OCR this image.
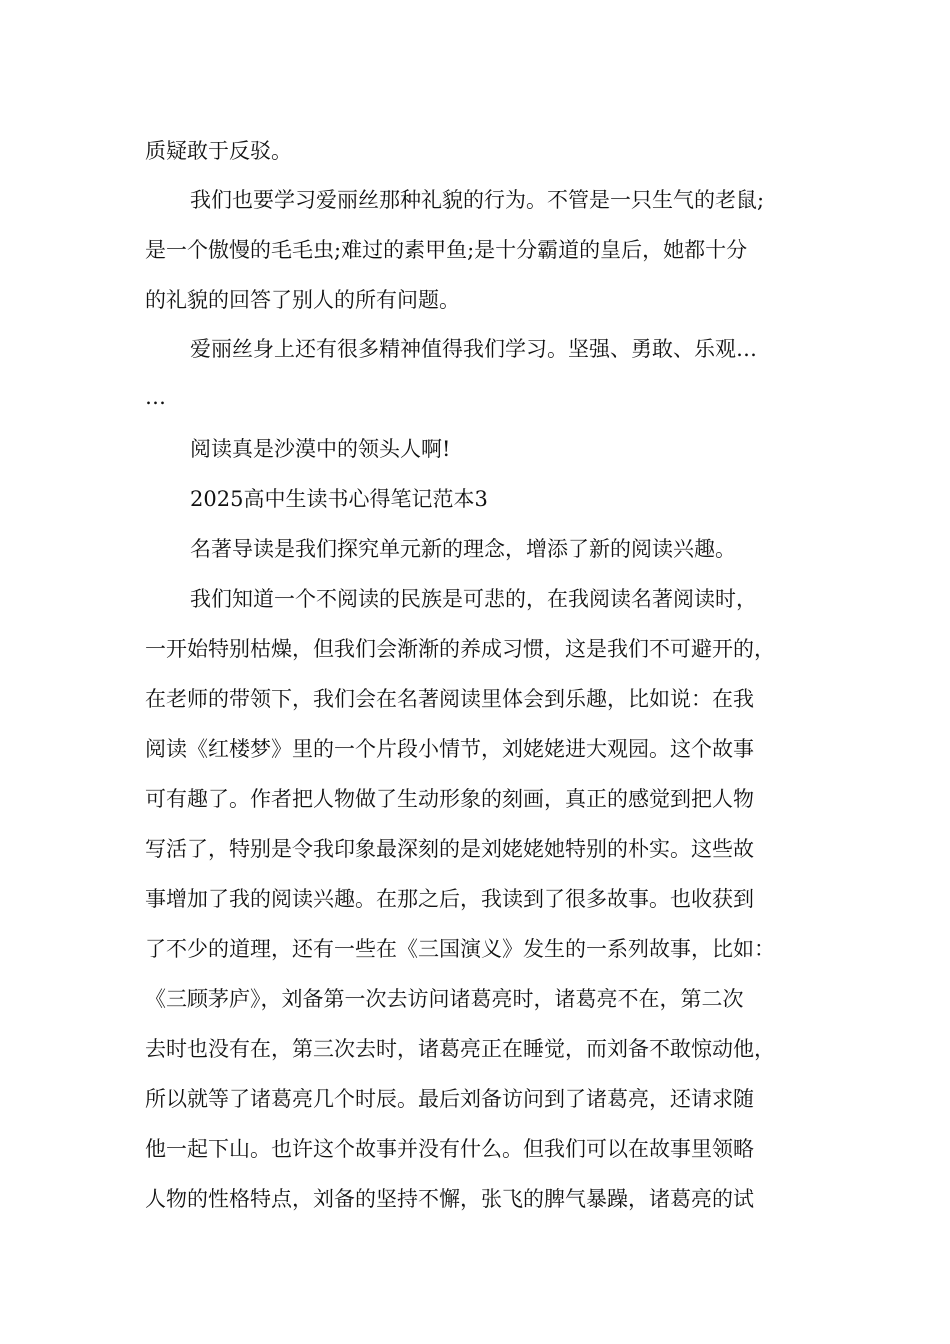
质疑敢于反驳。
我们也要学习爱丽丝那种礼貌的行为。不管是一只生气的老鼠;
是一个傲慢的毛毛虫;难过的素甲鱼;是十分霸道的皇后，她都十分
的礼貌的回答了别人的所有问题。
爱丽丝身上还有很多精神值得我们学习。坚强、勇敢、乐观…
…
阅读真是沙漠中的领头人啊!
2025高中生读书心得笔记范本3
名著导读是我们探究单元新的理念，增添了新的阅读兴趣。
我们知道一个不阅读的民族是可悲的，在我阅读名著阅读时，
一开始特别枯燥，但我们会渐渐的养成习惯，这是我们不可避开的，
在老师的带领下，我们会在名著阅读里体会到乐趣，比如说：在我
阅读《红楼梦》里的一个片段小情节，刘姥姥进大观园。这个故事
可有趣了。作者把人物做了生动形象的刻画，真正的感觉到把人物
写活了，特别是令我印象最深刻的是刘姥姥她特别的朴实。这些故
事增加了我的阅读兴趣。在那之后，我读到了很多故事。也收获到
了不少的道理，还有一些在《三国演义》发生的一系列故事，比如：
《三顾茅庐》，刘备第一次去访问诸葛亮时，诸葛亮不在，第二次
去时也没有在，第三次去时，诸葛亮正在睡觉，而刘备不敢惊动他，
所以就等了诸葛亮几个时辰。最后刘备访问到了诸葛亮，还请求随
他一起下山。也许这个故事并没有什么。但我们可以在故事里领略
人物的性格特点，刘备的坚持不懈，张飞的脾气暴躁，诸葛亮的试
